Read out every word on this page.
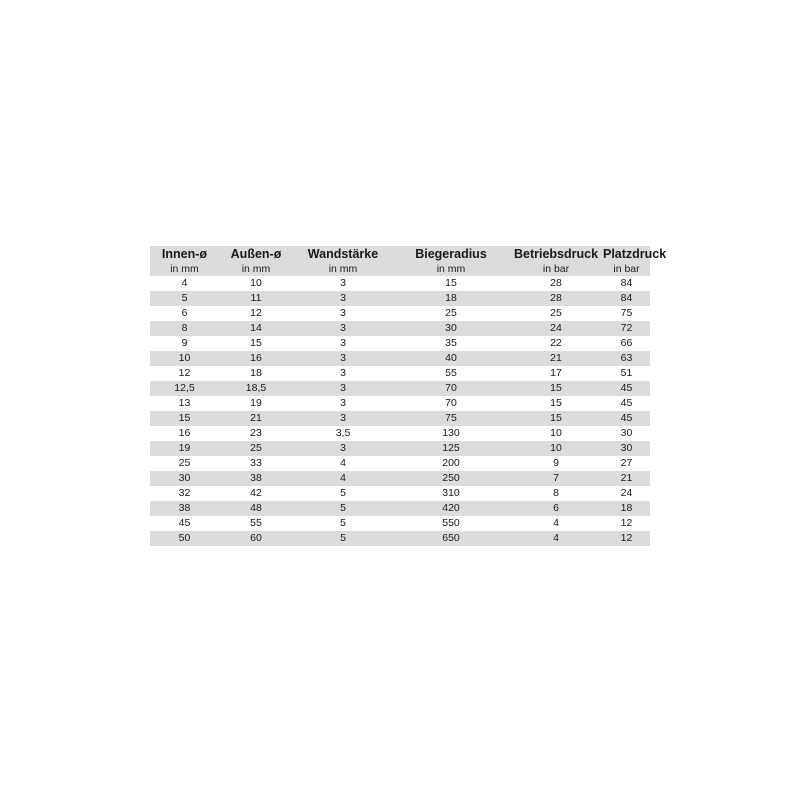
Innen-ø	Außen-ø	Wandstärke	Biegeradius	Betriebsdruck	Platzdruck
in mm	in mm	in mm	in mm	in bar	in bar
4	10	3	15	28	84
5	11	3	18	28	84
6	12	3	25	25	75
8	14	3	30	24	72
9	15	3	35	22	66
10	16	3	40	21	63
12	18	3	55	17	51
12,5	18,5	3	70	15	45
13	19	3	70	15	45
15	21	3	75	15	45
16	23	3,5	130	10	30
19	25	3	125	10	30
25	33	4	200	9	27
30	38	4	250	7	21
32	42	5	310	8	24
38	48	5	420	6	18
45	55	5	550	4	12
50	60	5	650	4	12
